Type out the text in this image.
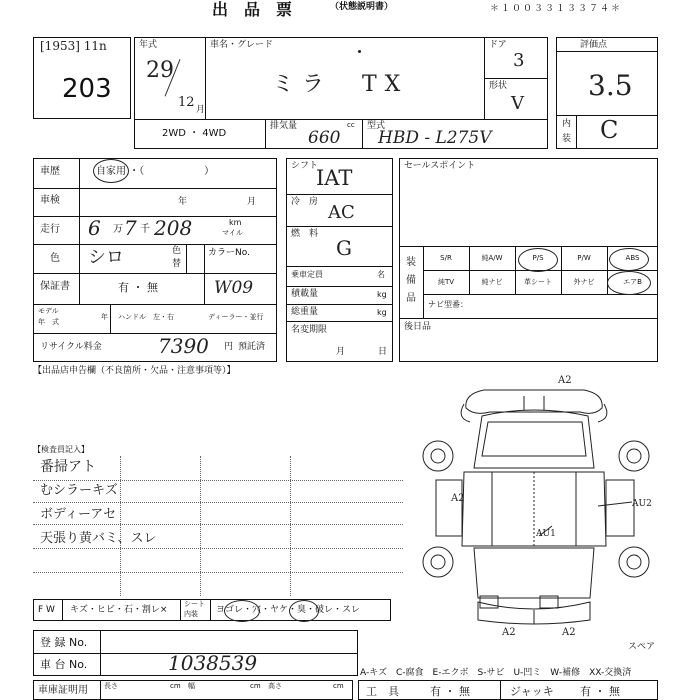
出　品　票	（状態説明書）	＊１００３３１３３７４＊
[1953] 11n
203
年式
29
12 月
車名・グレード
ミラ　TX
ドア
3
形状
V
2WD ・ 4WD
排気量	cc
660
型式
HBD - L275V
評価点
3.5
内
装 C
車歴	自家用 ・（　　　　　　）
車検	年	月
走行 6 万 7 千 208	km
マイル
色 シロ	色
替
カラーNo.
W09
保証書	有 ・ 無
モデル
年　式
年 ハンドル　左・右	ディーラー・並行
リサイクル料金	7390 円 預託済
シフト
IAT
冷　房 AC
燃　料
G
乗車定員	名
積載量	kg
総重量	kg
名変期限
月	日
セールスポイント
装
備
品
S/R	純A/W	P/S	P/W	ABS
純TV	純ナビ	革シート	外ナビ	エアB
ナビ型番：
後日品
【出品店申告欄（不良箇所・欠品・注意事項等）】
【検査員記入】
番掃アト
むシラーキズ
ボディーアセ
天張り黄バミ、スレ
A2
A2	AU2
AU1
A2	A2
スペア
F W キズ・ヒビ・石・割レ×
シート
内装 ヨゴレ・穴・ヤケ・臭・破レ・スレ
登 録 No.
車 台 No.	1038539	A-キズ　C-腐食　E-エクボ　S-サビ　U-凹ミ　W-補修　XX-交換済
車庫証明用 長さ	cm 幅	cm 高さ	cm 工　具	有 ・ 無	ジャッキ 有 ・ 無
